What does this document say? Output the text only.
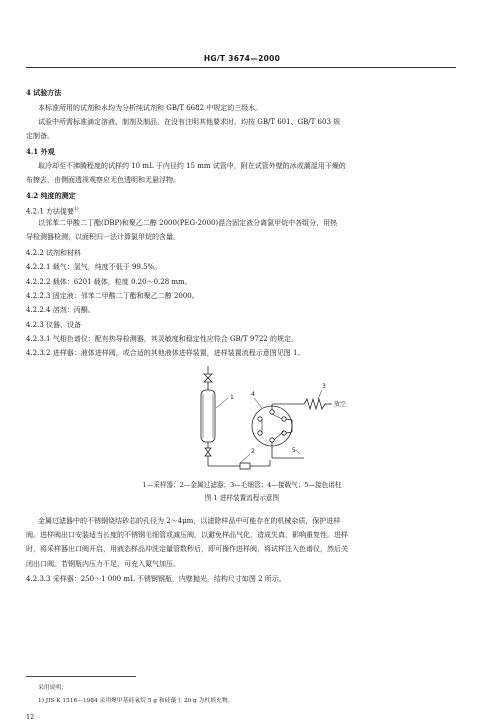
HG/T 3674—2000
4 试验方法
本标准所用的试剂和水均为分析纯试剂和 GB/T 6682 中规定的三级水。
试验中所需标准滴定溶液、制剂及制品，在没有注明其他要求时，均按 GB/T 601、GB/T 603 规
定制备。
4.1 外观
取冷却至不沸腾程度的试样约 10 mL 于内径约 15 mm 试管中，附在试管外壁的冰或潮湿用干燥的
布擦去，由侧面透视观察应无色透明和无悬浮物。
4.2 纯度的测定
4.2.1 方法提要$^{1)}$
以邻苯二甲酸二丁酯(DBP)和聚乙二醇 2000(PEG-2000)混合固定液分离氯甲烷中各组分，用热
导检测器检测，以面积归一法计算氯甲烷的含量。
4.2.2 试剂和材料
4.2.2.1 载气：氢气，纯度不低于 99.5%。
4.2.2.2 载体：6201 载体，粒度 0.20～0.28 mm。
4.2.2.3 固定液：邻苯二甲酸二丁酯和聚乙二醇 2000。
4.2.2.4 溶剂：丙酮。
4.2.3 仪器、设备
4.2.3.1 气相色谱仪：配有热导检测器，其灵敏度和稳定性应符合 GB/T 9722 的规定。
4.2.3.2 进样器：液体进样阀，或合适的其他液体进样装置，进样装置流程示意图见图 1。
1
2
3
4
5
放空
1—采样器；2—金属过滤器；3—毛细管；4—接载气；5—接色谱柱
图 1 进样装置流程示意图
金属过滤器中的不锈钢烧结砂芯的孔径为 2～4μm，以滤除样品中可能存在的机械杂质，保护进样
阀。进样阀出口安装适当长度的不锈钢毛细管或减压阀，以避免样品气化，造成失真，影响重复性。进样
时，将采样器出口阀开启，用液态样品冲洗定量管数秒后，即可操作进样阀，将试样注入色谱仪，然后关
闭出口阀。若钢瓶内压力不足，可充入氮气加压。
4.2.3.3 采样器：250～1 000 mL 不锈钢钢瓶，内壁抛光，结构尺寸如图 2 所示。
采用说明：
1) JIS K 1516—1984 采用聚甲基硅氧烷 5 g 和硅藻土 20 g 为柱填充物。
12
